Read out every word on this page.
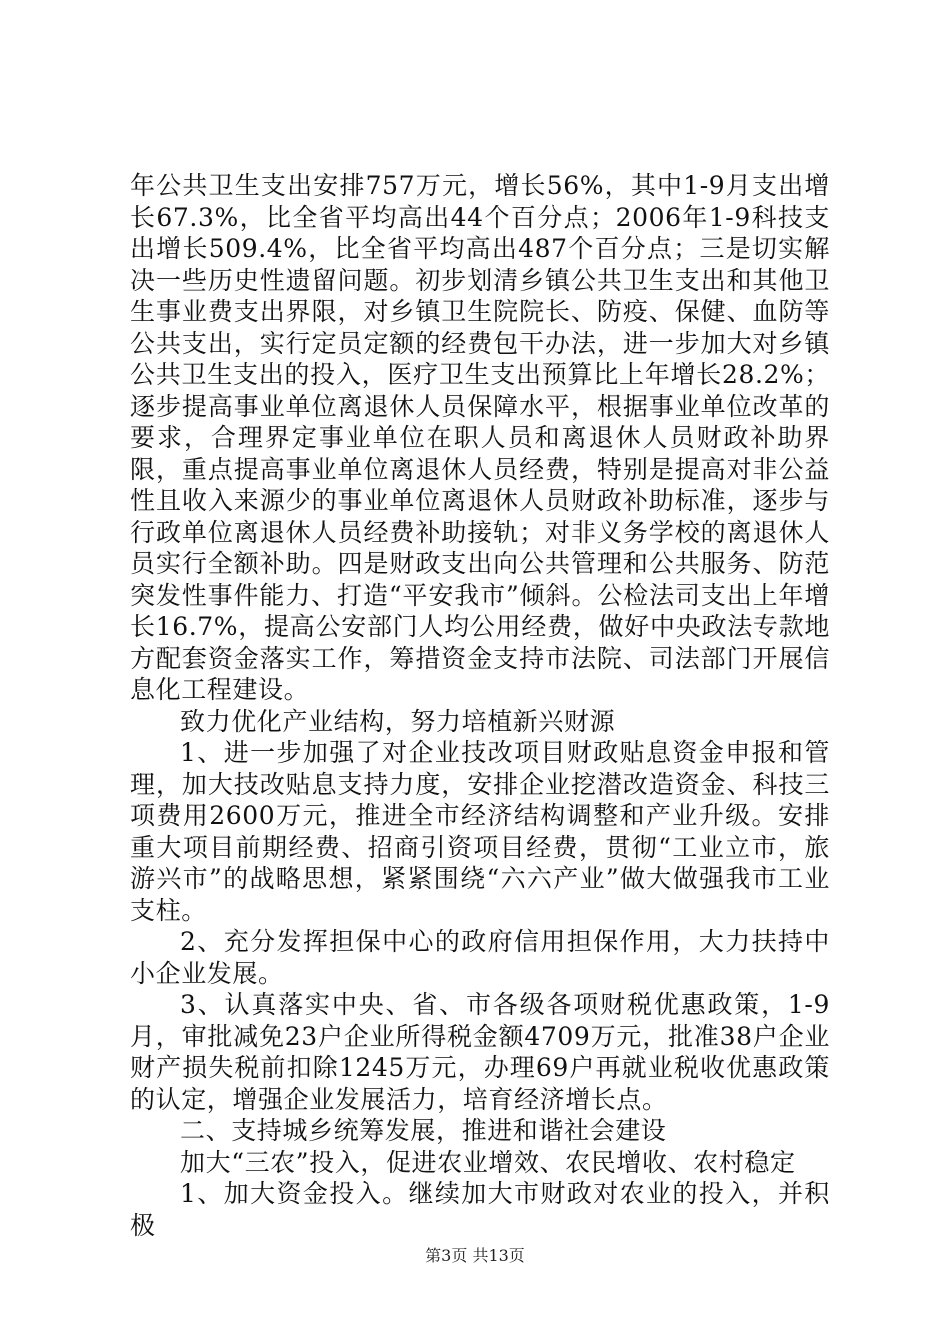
年公共卫生支出安排757万元，增长56%，其中1-9月支出增长67.3%，比全省平均高出44个百分点；2006年1-9科技支出增长509.4%，比全省平均高出487个百分点；三是切实解决一些历史性遗留问题。初步划清乡镇公共卫生支出和其他卫生事业费支出界限，对乡镇卫生院院长、防疫、保健、血防等公共支出，实行定员定额的经费包干办法，进一步加大对乡镇公共卫生支出的投入，医疗卫生支出预算比上年增长28.2%；逐步提高事业单位离退休人员保障水平，根据事业单位改革的要求，合理界定事业单位在职人员和离退休人员财政补助界限，重点提高事业单位离退休人员经费，特别是提高对非公益性且收入来源少的事业单位离退休人员财政补助标准，逐步与行政单位离退休人员经费补助接轨；对非义务学校的离退休人员实行全额补助。四是财政支出向公共管理和公共服务、防范突发性事件能力、打造“平安我市”倾斜。公检法司支出上年增长16.7%，提高公安部门人均公用经费，做好中央政法专款地方配套资金落实工作，筹措资金支持市法院、司法部门开展信息化工程建设。

致力优化产业结构，努力培植新兴财源

1、进一步加强了对企业技改项目财政贴息资金申报和管理，加大技改贴息支持力度，安排企业挖潜改造资金、科技三项费用2600万元，推进全市经济结构调整和产业升级。安排重大项目前期经费、招商引资项目经费，贯彻“工业立市，旅游兴市”的战略思想，紧紧围绕“六六产业”做大做强我市工业支柱。

2、充分发挥担保中心的政府信用担保作用，大力扶持中小企业发展。

3、认真落实中央、省、市各级各项财税优惠政策，1-9月，审批减免23户企业所得税金额4709万元，批准38户企业财产损失税前扣除1245万元，办理69户再就业税收优惠政策的认定，增强企业发展活力，培育经济增长点。

二、支持城乡统筹发展，推进和谐社会建设

加大“三农”投入，促进农业增效、农民增收、农村稳定

1、加大资金投入。继续加大市财政对农业的投入，并积极

第3页 共13页
